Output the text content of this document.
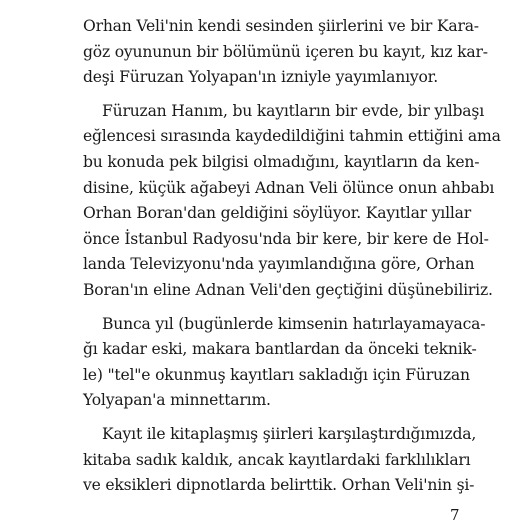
Orhan Veli'nin kendi sesinden şiirlerini ve bir Kara-
göz oyununun bir bölümünü içeren bu kayıt, kız kar-
deşi Füruzan Yolyapan'ın izniyle yayımlanıyor.
Füruzan Hanım, bu kayıtların bir evde, bir yılbaşı
eğlencesi sırasında kaydedildiğini tahmin ettiğini ama
bu konuda pek bilgisi olmadığını, kayıtların da ken-
disine, küçük ağabeyi Adnan Veli ölünce onun ahbabı
Orhan Boran'dan geldiğini söylüyor. Kayıtlar yıllar
önce İstanbul Radyosu'nda bir kere, bir kere de Hol-
landa Televizyonu'nda yayımlandığına göre, Orhan
Boran'ın eline Adnan Veli'den geçtiğini düşünebiliriz.
Bunca yıl (bugünlerde kimsenin hatırlayamayaca-
ğı kadar eski, makara bantlardan da önceki teknik-
le) "tel"e okunmuş kayıtları sakladığı için Füruzan
Yolyapan'a minnettarım.
Kayıt ile kitaplaşmış şiirleri karşılaştırdığımızda,
kitaba sadık kaldık, ancak kayıtlardaki farklılıkları
ve eksikleri dipnotlarda belirttik. Orhan Veli'nin şi-
7
